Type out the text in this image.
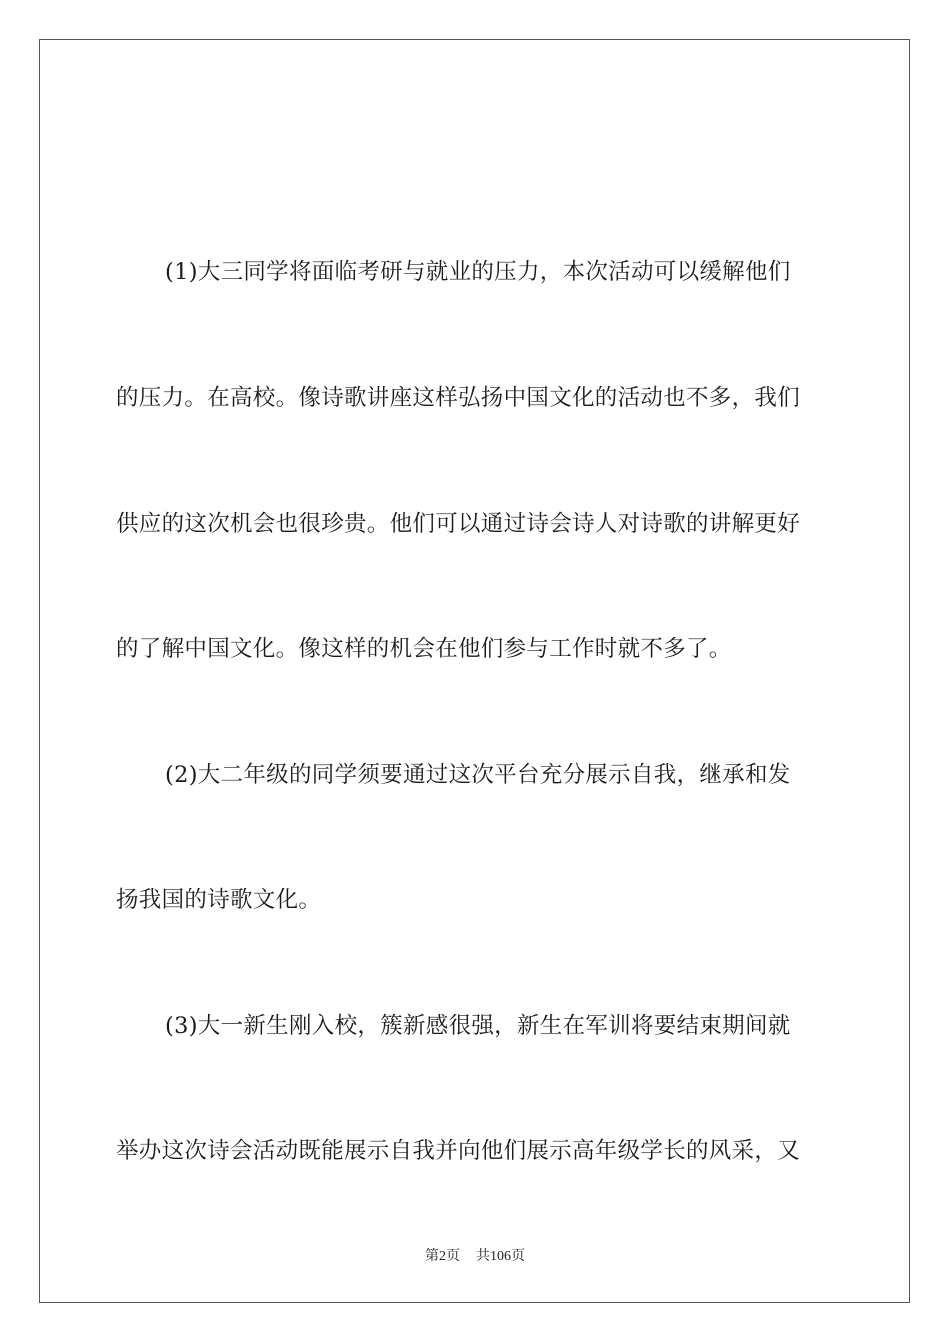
(1)大三同学将面临考研与就业的压力，本次活动可以缓解他们
的压力。在高校。像诗歌讲座这样弘扬中国文化的活动也不多，我们
供应的这次机会也很珍贵。他们可以通过诗会诗人对诗歌的讲解更好
的了解中国文化。像这样的机会在他们参与工作时就不多了。
(2)大二年级的同学须要通过这次平台充分展示自我，继承和发
扬我国的诗歌文化。
(3)大一新生刚入校，簇新感很强，新生在军训将要结束期间就
举办这次诗会活动既能展示自我并向他们展示高年级学长的风采，又
第2页 共106页
